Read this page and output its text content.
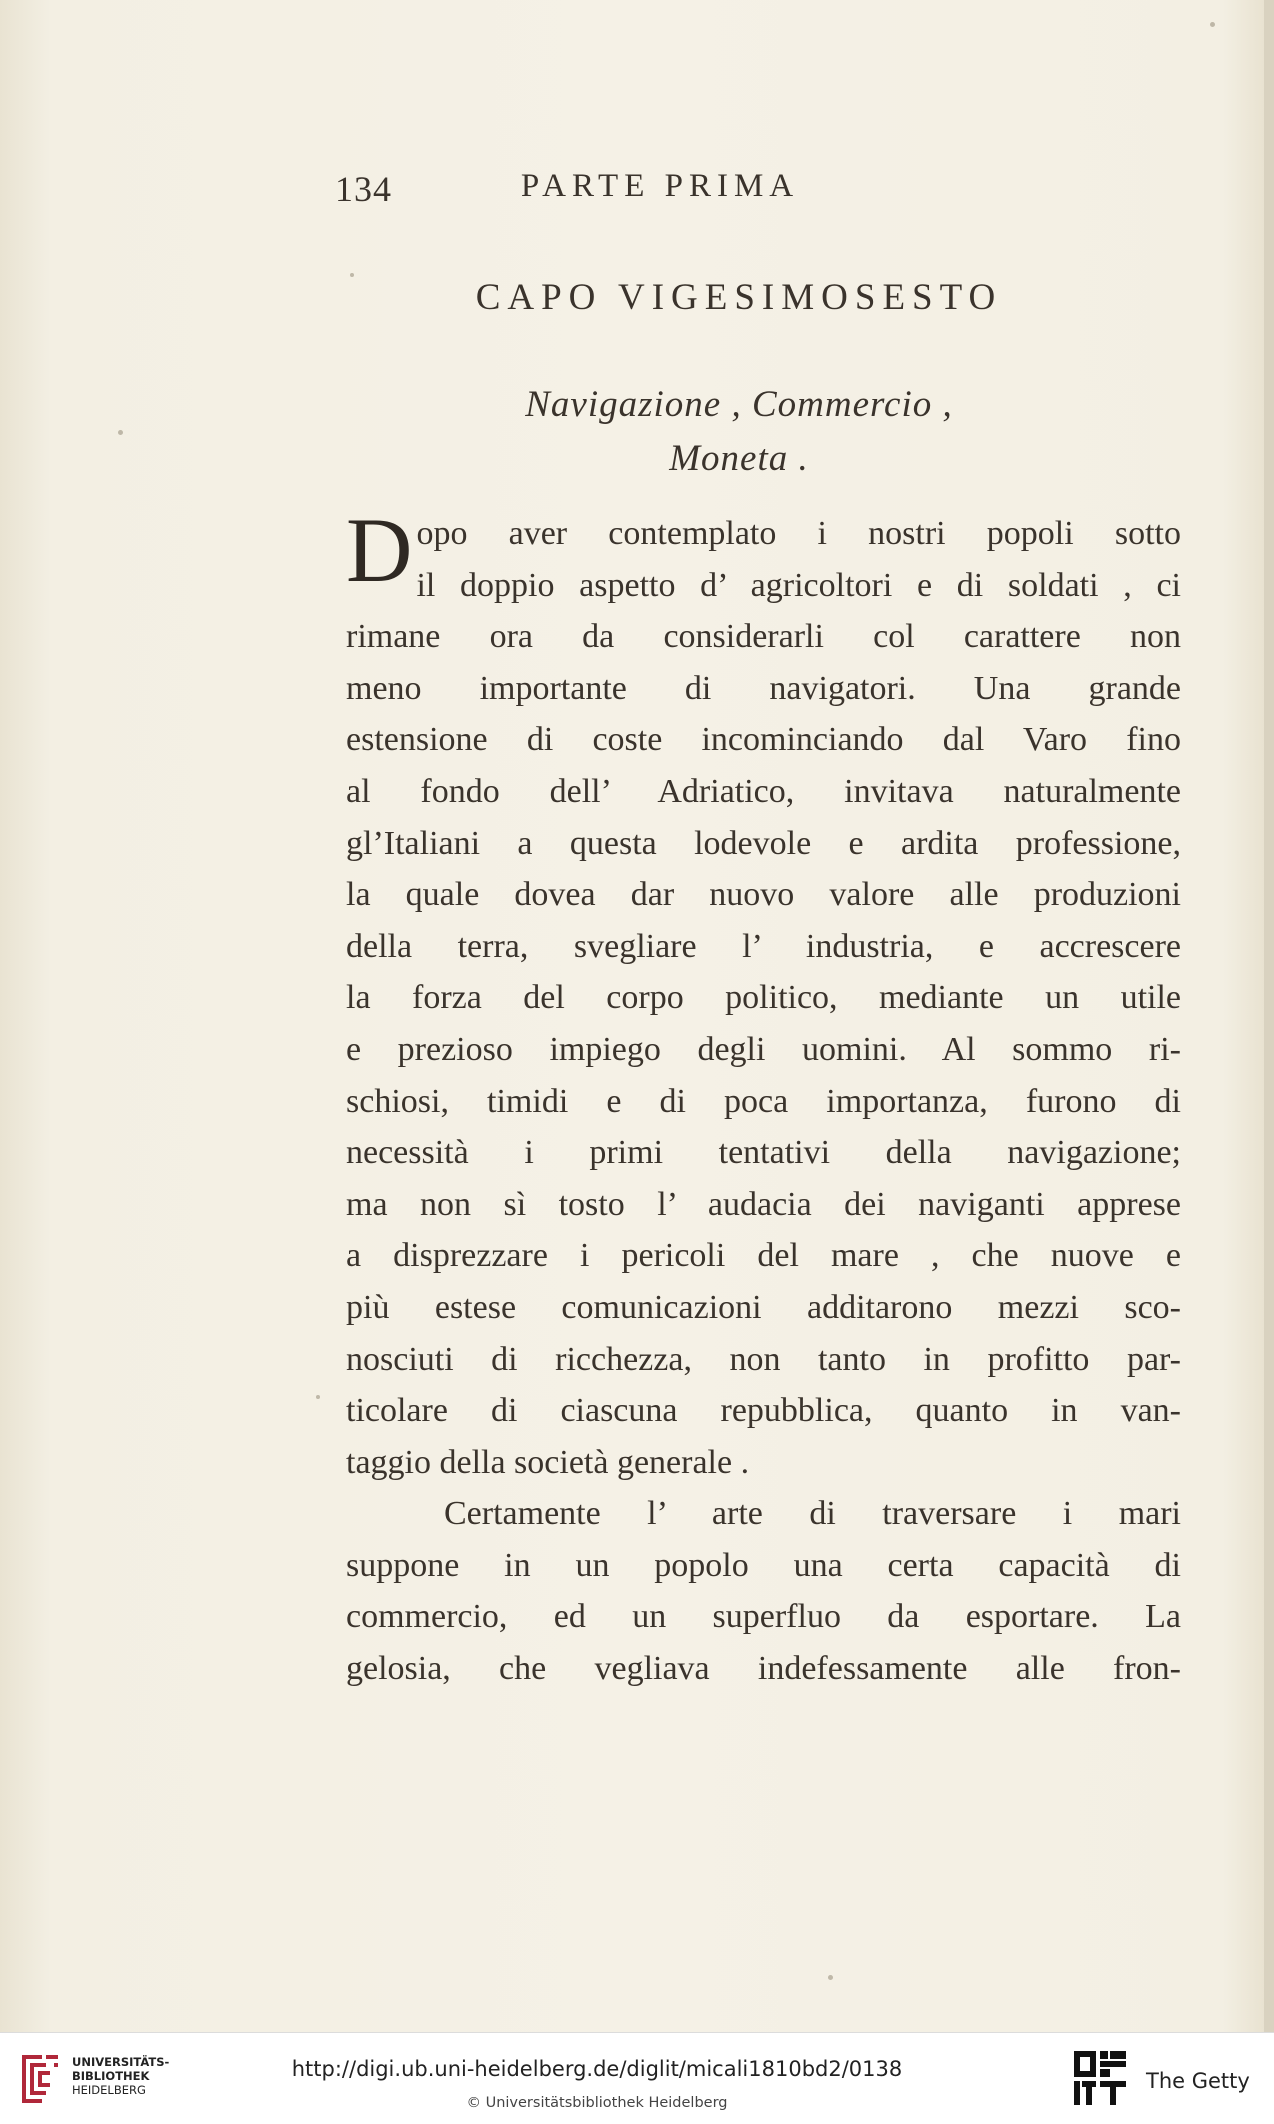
134	PARTE PRIMA
CAPO VIGESIMOSESTO
Navigazione , Commercio ,
Moneta .
D opo aver contemplato i nostri popoli sotto
il doppio aspetto d’ agricoltori e di soldati , ci
rimane ora da considerarli col carattere non
meno importante di navigatori. Una grande
estensione di coste incominciando dal Varo fino
al fondo dell’ Adriatico, invitava naturalmente
gl’Italiani a questa lodevole e ardita professione,
la quale dovea dar nuovo valore alle produzioni
della terra, svegliare l’ industria, e accrescere
la forza del corpo politico, mediante un utile
e prezioso impiego degli uomini. Al sommo ri-
schiosi, timidi e di poca importanza, furono di
necessità i primi tentativi della navigazione;
ma non sì tosto l’ audacia dei naviganti apprese
a disprezzare i pericoli del mare , che nuove e
più estese comunicazioni additarono mezzi sco-
nosciuti di ricchezza, non tanto in profitto par-
ticolare di ciascuna repubblica, quanto in van-
taggio della società generale .
Certamente l’ arte di traversare i mari
suppone in un popolo una certa capacità di
commercio, ed un superfluo da esportare. La
gelosia, che vegliava indefessamente alle fron-
UNIVERSITÄTS-
BIBLIOTHEK
HEIDELBERG
http://digi.ub.uni-heidelberg.de/diglit/micali1810bd2/0138
© Universitätsbibliothek Heidelberg
The Getty
